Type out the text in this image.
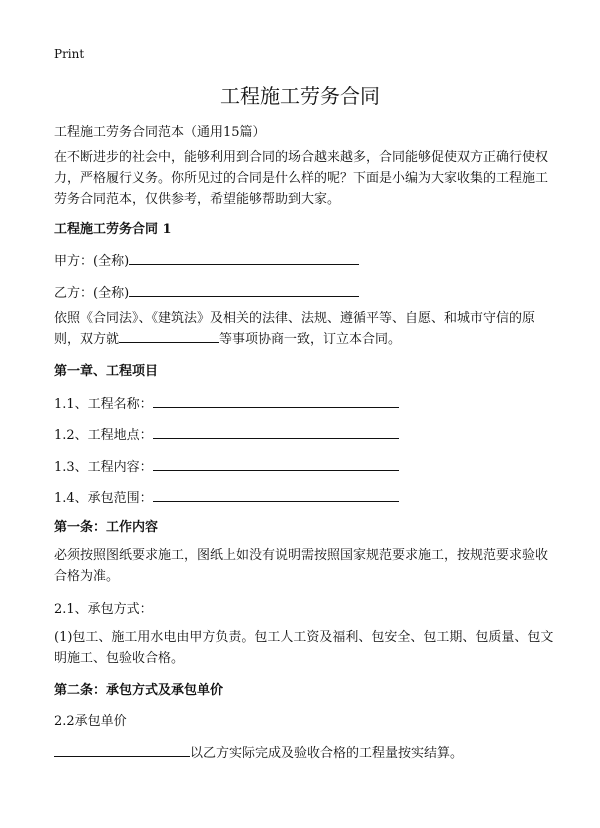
Print
工程施工劳务合同
工程施工劳务合同范本（通用15篇）
在不断进步的社会中，能够利用到合同的场合越来越多，合同能够促使双方正确行使权力，严格履行义务。你所见过的合同是什么样的呢？下面是小编为大家收集的工程施工劳务合同范本，仅供参考，希望能够帮助到大家。
工程施工劳务合同 1
甲方：(全称)
乙方：(全称)
依照《合同法》、《建筑法》及相关的法律、法规、遵循平等、自愿、和城市守信的原则，双方就	等事项协商一致，订立本合同。
第一章、工程项目
1.1、工程名称：
1.2、工程地点：
1.3、工程内容：
1.4、承包范围：
第一条：工作内容
必须按照图纸要求施工，图纸上如没有说明需按照国家规范要求施工，按规范要求验收合格为准。
2.1、承包方式：
(1)包工、施工用水电由甲方负责。包工人工资及福利、包安全、包工期、包质量、包文明施工、包验收合格。
第二条：承包方式及承包单价
2.2承包单价
以乙方实际完成及验收合格的工程量按实结算。
